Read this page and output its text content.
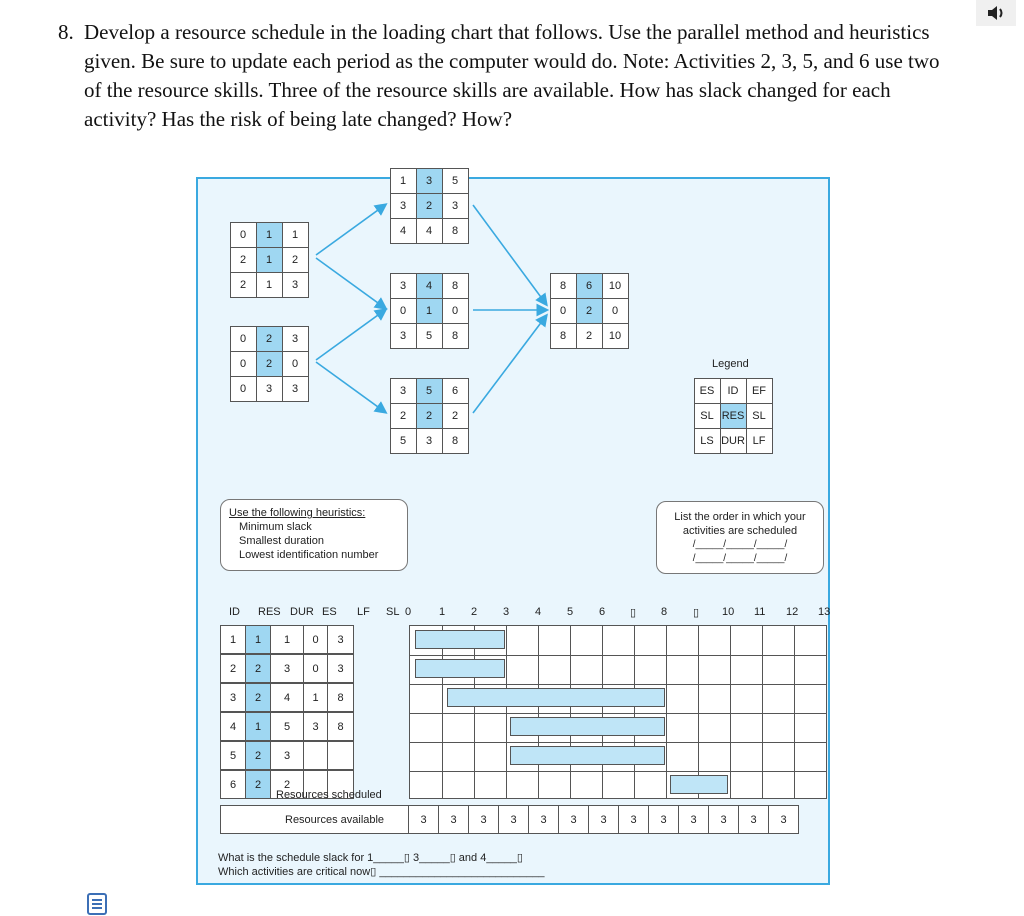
8. Develop a resource schedule in the loading chart that follows. Use the parallel method and heuristics given. Be sure to update each period as the computer would do. Note: Activities 2, 3, 5, and 6 use two of the resource skills. Three of the resource skills are available. How has slack changed for each activity? Has the risk of being late changed? How?
0	1	1
2	1	2
2	1	3
0	2	3
0	2	0
0	3	3
1	3	5
3	2	3
4	4	8
3	4	8
0	1	0
3	5	8
3	5	6
2	2	2
5	3	8
8	6	10
0	2	0
8	2	10
Legend
ES	ID	EF
SL RES SL
LS DUR LF
Use the following heuristics:
Minimum slack
Smallest duration
Lowest identification number
List the order in which your
activities are scheduled
/_____/_____/_____/
/_____/_____/_____/
ID RES DUR ES LF SL 0	1 2 3 4 5 6 ▯ 8 ▯ 10 11 12 13
1	1	1	0	3
2	2	3	0	3
3	2	4	1	8
4	1	5	3	8
5	2	3
6	2	2
Resources scheduled
Resources available	3	3	3	3	3	3	3	3	3	3	3	3	3
What is the schedule slack for 1_____▯ 3_____▯ and 4_____▯
Which activities are critical now▯ ___________________________
